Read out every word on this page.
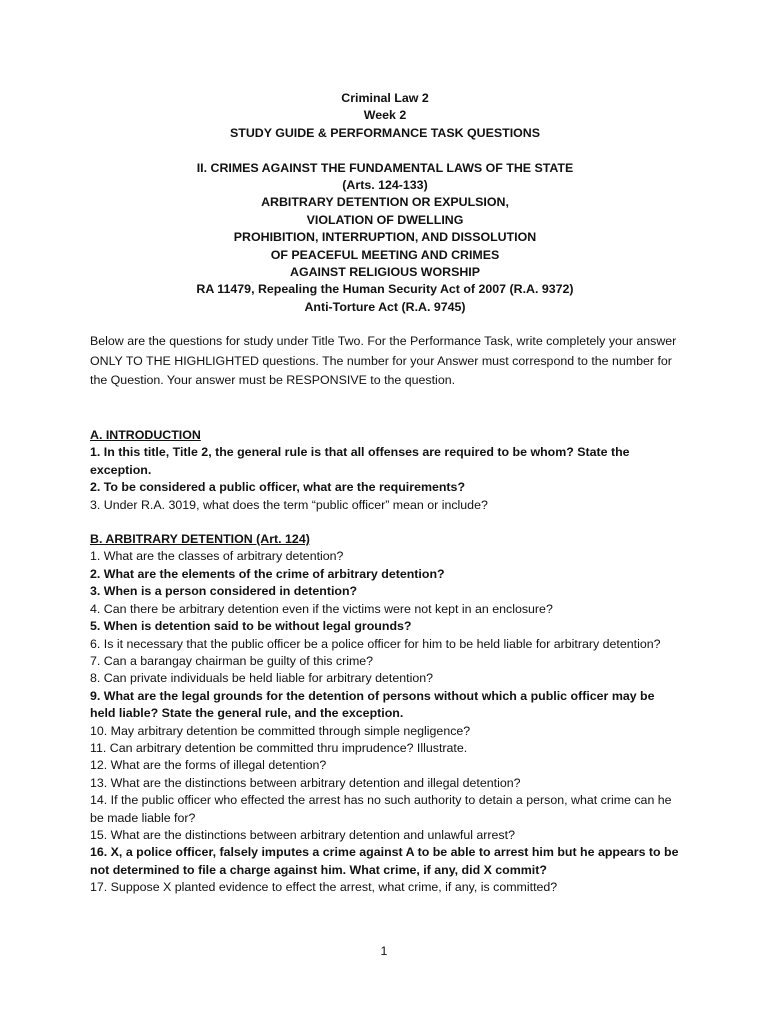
Criminal Law 2
Week 2
STUDY GUIDE & PERFORMANCE TASK QUESTIONS
II. CRIMES AGAINST THE FUNDAMENTAL LAWS OF THE STATE
(Arts. 124-133)
ARBITRARY DETENTION OR EXPULSION,
VIOLATION OF DWELLING
PROHIBITION, INTERRUPTION, AND DISSOLUTION
OF PEACEFUL MEETING AND CRIMES
AGAINST RELIGIOUS WORSHIP
RA 11479, Repealing the Human Security Act of 2007 (R.A. 9372)
Anti-Torture Act (R.A. 9745)

Below are the questions for study under Title Two. For the Performance Task, write completely your answer ONLY TO THE HIGHLIGHTED questions. The number for your Answer must correspond to the number for the Question. Your answer must be RESPONSIVE to the question.

A. INTRODUCTION
1. In this title, Title 2, the general rule is that all offenses are required to be whom? State the exception.
2. To be considered a public officer, what are the requirements?
3. Under R.A. 3019, what does the term “public officer” mean or include?
B. ARBITRARY DETENTION (Art. 124)
1. What are the classes of arbitrary detention?
2. What are the elements of the crime of arbitrary detention?
3. When is a person considered in detention?
4. Can there be arbitrary detention even if the victims were not kept in an enclosure?
5. When is detention said to be without legal grounds?
6. Is it necessary that the public officer be a police officer for him to be held liable for arbitrary detention?
7. Can a barangay chairman be guilty of this crime?
8. Can private individuals be held liable for arbitrary detention?
9. What are the legal grounds for the detention of persons without which a public officer may be held liable? State the general rule, and the exception.
10. May arbitrary detention be committed through simple negligence?
11. Can arbitrary detention be committed thru imprudence? Illustrate.
12. What are the forms of illegal detention?
13. What are the distinctions between arbitrary detention and illegal detention?
14. If the public officer who effected the arrest has no such authority to detain a person, what crime can he be made liable for?
15. What are the distinctions between arbitrary detention and unlawful arrest?
16. X, a police officer, falsely imputes a crime against A to be able to arrest him but he appears to be not determined to file a charge against him. What crime, if any, did X commit?
17. Suppose X planted evidence to effect the arrest, what crime, if any, is committed?
1
